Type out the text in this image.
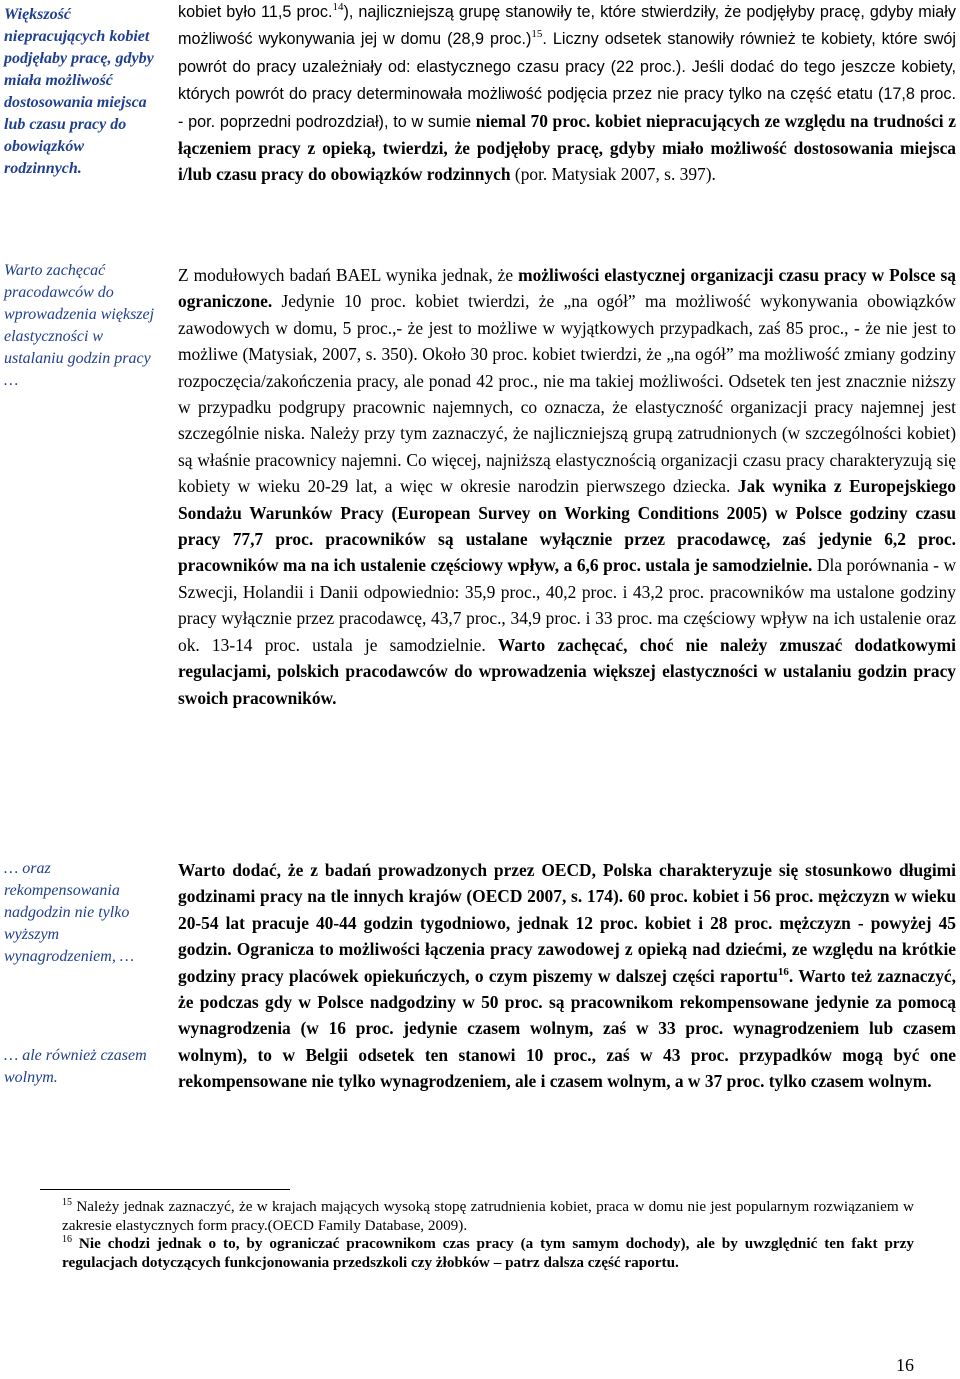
Większość niepracujących kobiet podjęłaby pracę, gdyby miała możliwość dostosowania miejsca lub czasu pracy do obowiązków rodzinnych.
Warto zachęcać pracodawców do wprowadzenia większej elastyczności w ustalaniu godzin pracy …
… oraz rekompensowania nadgodzin nie tylko wyższym wynagrodzeniem, …
… ale również czasem wolnym.

kobiet było 11,5 proc.$^{14}$), najliczniejszą grupę stanowiły te, które stwierdziły, że podjęłyby pracę, gdyby miały możliwość wykonywania jej w domu (28,9 proc.)$^{15}$. Liczny odsetek stanowiły również te kobiety, które swój powrót do pracy uzależniały od: elastycznego czasu pracy (22 proc.). Jeśli dodać do tego jeszcze kobiety, których powrót do pracy determinowała możliwość podjęcia przez nie pracy tylko na część etatu (17,8 proc. - por. poprzedni podrozdział), to w sumie niemal 70 proc. kobiet niepracujących ze względu na trudności z łączeniem pracy z opieką, twierdzi, że podjęłoby pracę, gdyby miało możliwość dostosowania miejsca i/lub czasu pracy do obowiązków rodzinnych (por. Matysiak 2007, s. 397).

Z modułowych badań BAEL wynika jednak, że możliwości elastycznej organizacji czasu pracy w Polsce są ograniczone. Jedynie 10 proc. kobiet twierdzi, że „na ogół” ma możliwość wykonywania obowiązków zawodowych w domu, 5 proc.,- że jest to możliwe w wyjątkowych przypadkach, zaś 85 proc., - że nie jest to możliwe (Matysiak, 2007, s. 350). Około 30 proc. kobiet twierdzi, że „na ogół” ma możliwość zmiany godziny rozpoczęcia/zakończenia pracy, ale ponad 42 proc., nie ma takiej możliwości. Odsetek ten jest znacznie niższy w przypadku podgrupy pracownic najemnych, co oznacza, że elastyczność organizacji pracy najemnej jest szczególnie niska. Należy przy tym zaznaczyć, że najliczniejszą grupą zatrudnionych (w szczególności kobiet) są właśnie pracownicy najemni. Co więcej, najniższą elastycznością organizacji czasu pracy charakteryzują się kobiety w wieku 20-29 lat, a więc w okresie narodzin pierwszego dziecka. Jak wynika z Europejskiego Sondażu Warunków Pracy (European Survey on Working Conditions 2005) w Polsce godziny czasu pracy 77,7 proc. pracowników są ustalane wyłącznie przez pracodawcę, zaś jedynie 6,2 proc. pracowników ma na ich ustalenie częściowy wpływ, a 6,6 proc. ustala je samodzielnie. Dla porównania - w Szwecji, Holandii i Danii odpowiednio: 35,9 proc., 40,2 proc. i 43,2 proc. pracowników ma ustalone godziny pracy wyłącznie przez pracodawcę, 43,7 proc., 34,9 proc. i 33 proc. ma częściowy wpływ na ich ustalenie oraz ok. 13-14 proc. ustala je samodzielnie. Warto zachęcać, choć nie należy zmuszać dodatkowymi regulacjami, polskich pracodawców do wprowadzenia większej elastyczności w ustalaniu godzin pracy swoich pracowników.

Warto dodać, że z badań prowadzonych przez OECD, Polska charakteryzuje się stosunkowo długimi godzinami pracy na tle innych krajów (OECD 2007, s. 174). 60 proc. kobiet i 56 proc. mężczyzn w wieku 20-54 lat pracuje 40-44 godzin tygodniowo, jednak 12 proc. kobiet i 28 proc. mężczyzn - powyżej 45 godzin. Ogranicza to możliwości łączenia pracy zawodowej z opieką nad dziećmi, ze względu na krótkie godziny pracy placówek opiekuńczych, o czym piszemy w dalszej części raportu$^{16}$. Warto też zaznaczyć, że podczas gdy w Polsce nadgodziny w 50 proc. są pracownikom rekompensowane jedynie za pomocą wynagrodzenia (w 16 proc. jedynie czasem wolnym, zaś w 33 proc. wynagrodzeniem lub czasem wolnym), to w Belgii odsetek ten stanowi 10 proc., zaś w 43 proc. przypadków mogą być one rekompensowane nie tylko wynagrodzeniem, ale i czasem wolnym, a w 37 proc. tylko czasem wolnym.

$^{15}$ Należy jednak zaznaczyć, że w krajach mających wysoką stopę zatrudnienia kobiet, praca w domu nie jest popularnym rozwiązaniem w zakresie elastycznych form pracy.(OECD Family Database, 2009).

$^{16}$ Nie chodzi jednak o to, by ograniczać pracownikom czas pracy (a tym samym dochody), ale by uwzględnić ten fakt przy regulacjach dotyczących funkcjonowania przedszkoli czy żłobków – patrz dalsza część raportu.

16
